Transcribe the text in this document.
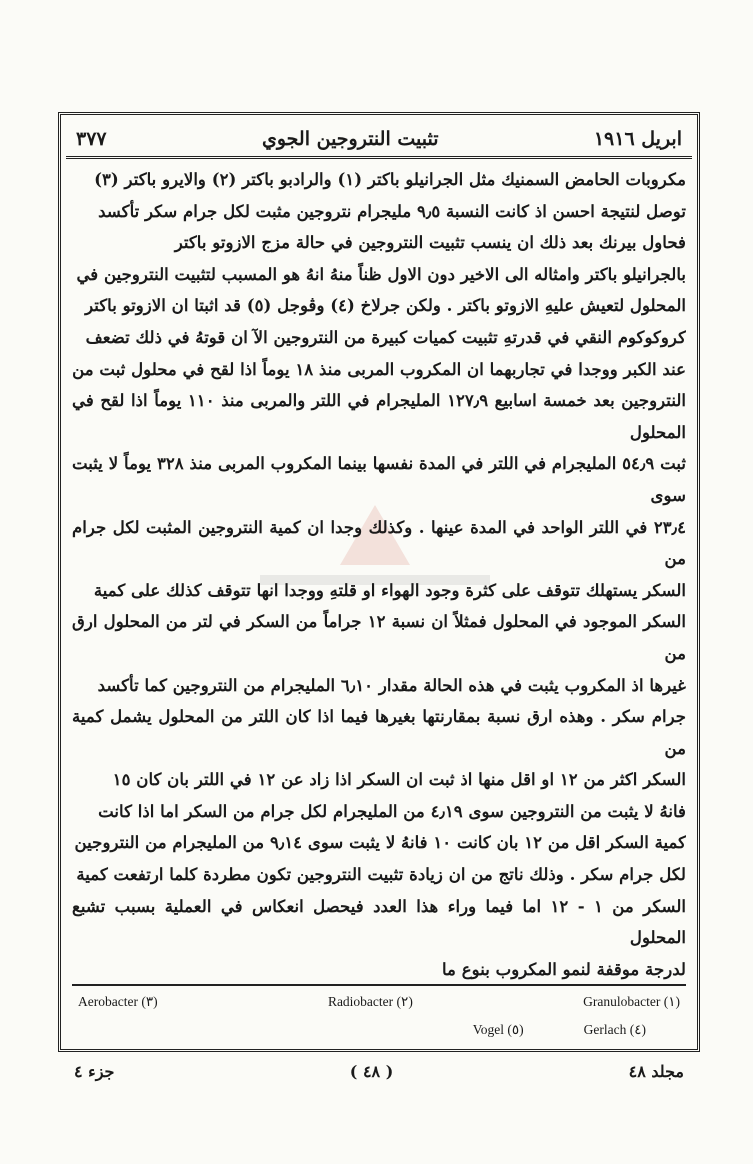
ابريل ١٩١٦
تثبيت النتروجين الجوي
٣٧٧

مكروبات الحامض السمنيك مثل الجرانيلو باكتر (١) والرادبو باكتر (٢) والايرو باكتر (٣)

توصل لنتيجة احسن اذ كانت النسبة ٩٫٥ مليجرام نتروجين مثبت لكل جرام سكر تأكسد

فحاول بيرنك بعد ذلك ان ينسب تثبيت النتروجين في حالة مزج الازوتو باكتر

بالجرانيلو باكتر وامثاله الى الاخير دون الاول ظناً منهُ انهُ هو المسبب لتثبيت النتروجين في

المحلول لتعيش عليهِ الازوتو باكتر . ولكن جرلاخ (٤) وڤوجل (٥) قد اثبتا ان الازوتو باكتر

كروكوكوم النقي في قدرتهِ تثبيت كميات كبيرة من النتروجين الآ ان قوتهُ في ذلك تضعف

عند الكبر ووجدا في تجاربهما ان المكروب المربى منذ ١٨ يوماً اذا لقح في محلول ثبت من

النتروجين بعد خمسة اسابيع ١٢٧٫٩ المليجرام في اللتر والمربى منذ ١١٠ يوماً اذا لقح في المحلول

ثبت ٥٤٫٩ المليجرام في اللتر في المدة نفسها بينما المكروب المربى منذ ٣٢٨ يوماً لا يثبت سوى

٢٣٫٤ في اللتر الواحد في المدة عينها . وكذلك وجدا ان كمية النتروجين المثبت لكل جرام من

السكر يستهلك تتوقف على كثرة وجود الهواء او قلتهِ ووجدا انها تتوقف كذلك على كمية

السكر الموجود في المحلول فمثلاً ان نسبة ١٢ جراماً من السكر في لتر من المحلول ارق من

غيرها اذ المكروب يثبت في هذه الحالة مقدار ٦٫١٠ المليجرام من النتروجين كما تأكسد

جرام سكر . وهذه ارق نسبة بمقارنتها بغيرها فيما اذا كان اللتر من المحلول يشمل كمية من

السكر اكثر من ١٢ او اقل منها اذ ثبت ان السكر اذا زاد عن ١٢ في اللتر بان كان ١٥

فانهُ لا يثبت من النتروجين سوى ٤٫١٩ من المليجرام لكل جرام من السكر اما اذا كانت

كمية السكر اقل من ١٢ بان كانت ١٠ فانهُ لا يثبت سوى ٩٫١٤ من المليجرام من النتروجين

لكل جرام سكر . وذلك ناتج من ان زيادة تثبيت النتروجين تكون مطردة كلما ارتفعت كمية

السكر من ١ - ١٢ اما فيما وراء هذا العدد فيحصل انعكاس في العملية بسبب تشبع المحلول

لدرجة موقفة لنمو المكروب بنوع ما

Granulobacter (١)
Radiobacter (٢)
Aerobacter (٣)
Gerlach (٤)
Vogel (٥)
مجلد ٤٨
( ٤٨ )
جزء ٤
